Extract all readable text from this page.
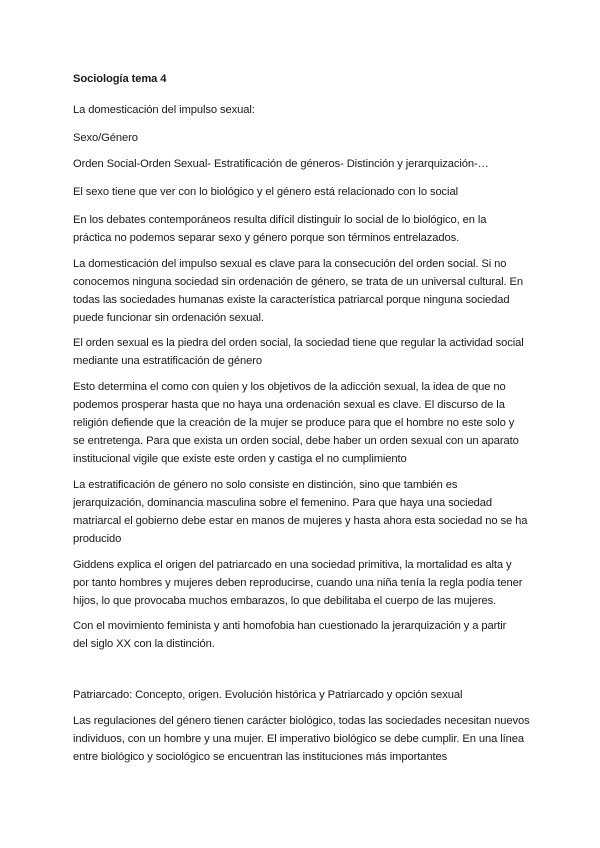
Sociología tema 4
La domesticación del impulso sexual:
Sexo/Género
Orden Social-Orden Sexual- Estratificación de géneros- Distinción y jerarquización-…
El sexo tiene que ver con lo biológico y el género está relacionado con lo social
En los debates contemporáneos resulta difícil distinguir lo social de lo biológico, en la
práctica no podemos separar sexo y género porque son términos entrelazados.
La domesticación del impulso sexual es clave para la consecución del orden social. Si no
conocemos ninguna sociedad sin ordenación de género, se trata de un universal cultural. En
todas las sociedades humanas existe la característica patriarcal porque ninguna sociedad
puede funcionar sin ordenación sexual.
El orden sexual es la piedra del orden social, la sociedad tiene que regular la actividad social
mediante una estratificación de género
Esto determina el como con quien y los objetivos de la adicción sexual, la idea de que no
podemos prosperar hasta que no haya una ordenación sexual es clave. El discurso de la
religión defiende que la creación de la mujer se produce para que el hombre no este solo y
se entretenga. Para que exista un orden social, debe haber un orden sexual con un aparato
institucional vigile que existe este orden y castiga el no cumplimiento
La estratificación de género no solo consiste en distinción, sino que también es
jerarquización, dominancia masculina sobre el femenino. Para que haya una sociedad
matriarcal el gobierno debe estar en manos de mujeres y hasta ahora esta sociedad no se ha
producido
Giddens explica el origen del patriarcado en una sociedad primitiva, la mortalidad es alta y
por tanto hombres y mujeres deben reproducirse, cuando una niña tenía la regla podía tener
hijos, lo que provocaba muchos embarazos, lo que debilitaba el cuerpo de las mujeres.
Con el movimiento feminista y anti homofobia han cuestionado la jerarquización y a partir
del siglo XX con la distinción.
Patriarcado: Concepto, origen. Evolución histórica y Patriarcado y opción sexual
Las regulaciones del género tienen carácter biológico, todas las sociedades necesitan nuevos
individuos, con un hombre y una mujer. El imperativo biológico se debe cumplir. En una línea
entre biológico y sociológico se encuentran las instituciones más importantes
